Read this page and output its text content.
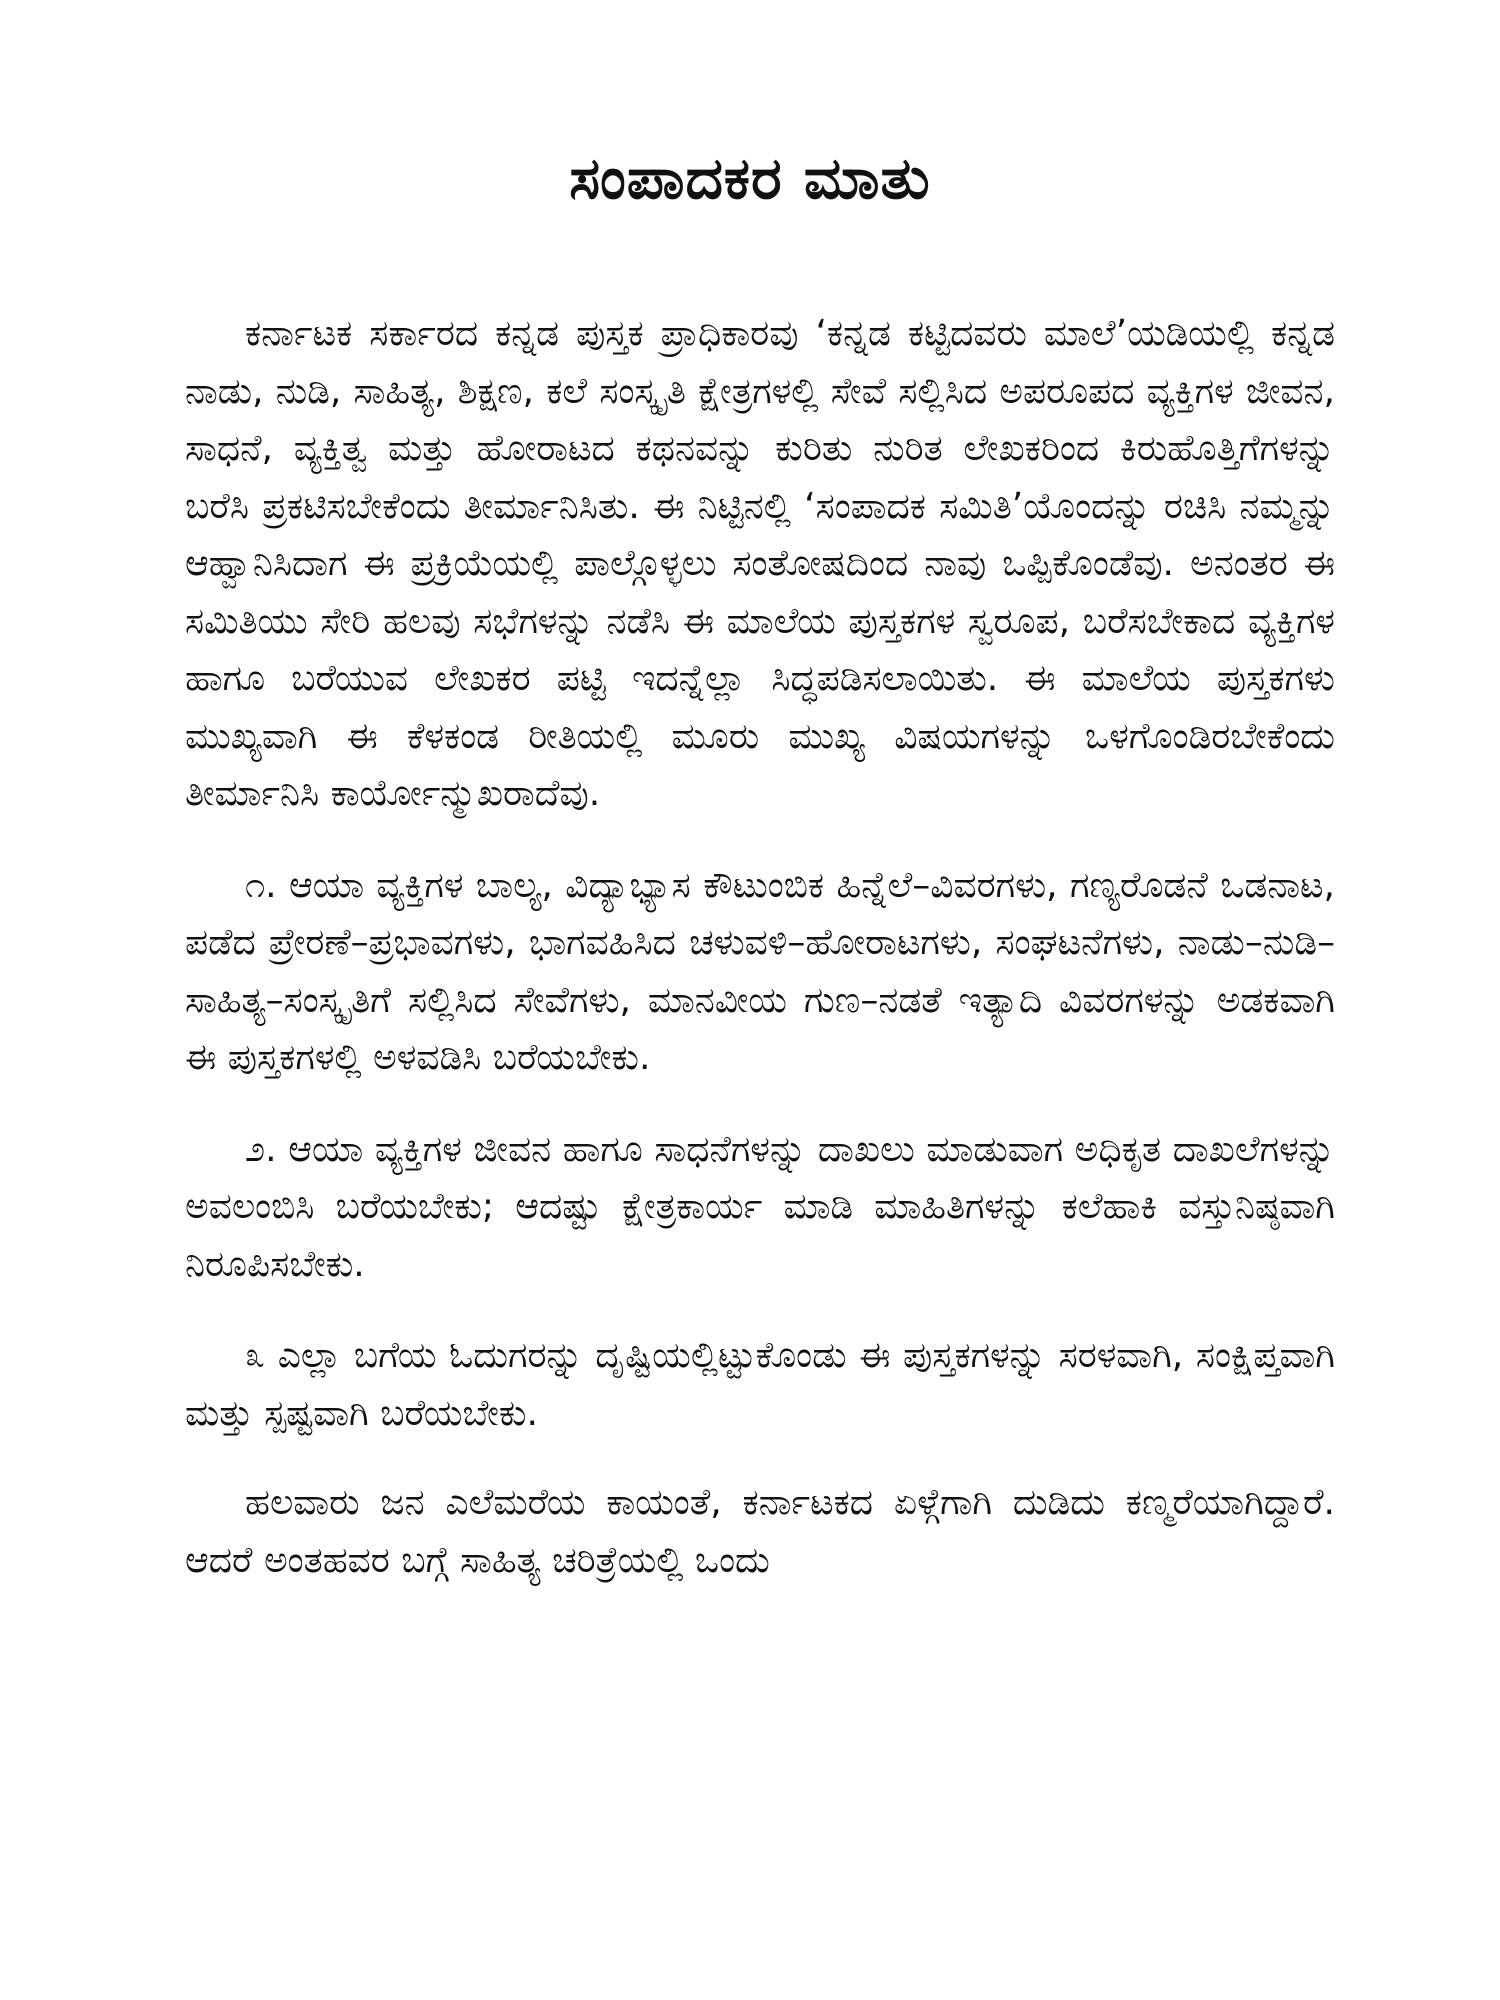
ಸಂಪಾದಕರ ಮಾತು

ಕರ್ನಾಟಕ ಸರ್ಕಾರದ ಕನ್ನಡ ಪುಸ್ತಕ ಪ್ರಾಧಿಕಾರವು ‘ಕನ್ನಡ ಕಟ್ಟಿದವರು ಮಾಲೆ’ಯಡಿಯಲ್ಲಿ ಕನ್ನಡ ನಾಡು, ನುಡಿ, ಸಾಹಿತ್ಯ, ಶಿಕ್ಷಣ, ಕಲೆ ಸಂಸ್ಕೃತಿ ಕ್ಷೇತ್ರಗಳಲ್ಲಿ ಸೇವೆ ಸಲ್ಲಿಸಿದ ಅಪರೂಪದ ವ್ಯಕ್ತಿಗಳ ಜೀವನ, ಸಾಧನೆ, ವ್ಯಕ್ತಿತ್ವ ಮತ್ತು ಹೋರಾಟದ ಕಥನವನ್ನು ಕುರಿತು ನುರಿತ ಲೇಖಕರಿಂದ ಕಿರುಹೊತ್ತಿಗೆಗಳನ್ನು ಬರೆಸಿ ಪ್ರಕಟಿಸಬೇಕೆಂದು ತೀರ್ಮಾನಿಸಿತು. ಈ ನಿಟ್ಟಿನಲ್ಲಿ ‘ಸಂಪಾದಕ ಸಮಿತಿ’ಯೊಂದನ್ನು ರಚಿಸಿ ನಮ್ಮನ್ನು ಆಹ್ವಾನಿಸಿದಾಗ ಈ ಪ್ರಕ್ರಿಯೆಯಲ್ಲಿ ಪಾಲ್ಗೊಳ್ಳಲು ಸಂತೋಷದಿಂದ ನಾವು ಒಪ್ಪಿಕೊಂಡೆವು. ಅನಂತರ ಈ ಸಮಿತಿಯು ಸೇರಿ ಹಲವು ಸಭೆಗಳನ್ನು ನಡೆಸಿ ಈ ಮಾಲೆಯ ಪುಸ್ತಕಗಳ ಸ್ವರೂಪ, ಬರೆಸಬೇಕಾದ ವ್ಯಕ್ತಿಗಳ ಹಾಗೂ ಬರೆಯುವ ಲೇಖಕರ ಪಟ್ಟಿ ಇದನ್ನೆಲ್ಲಾ ಸಿದ್ಧಪಡಿಸಲಾಯಿತು. ಈ ಮಾಲೆಯ ಪುಸ್ತಕಗಳು ಮುಖ್ಯವಾಗಿ ಈ ಕೆಳಕಂಡ ರೀತಿಯಲ್ಲಿ ಮೂರು ಮುಖ್ಯ ವಿಷಯಗಳನ್ನು ಒಳಗೊಂಡಿರಬೇಕೆಂದು ತೀರ್ಮಾನಿಸಿ ಕಾರ್ಯೋನ್ಮುಖರಾದೆವು.

೧. ಆಯಾ ವ್ಯಕ್ತಿಗಳ ಬಾಲ್ಯ, ವಿದ್ಯಾಭ್ಯಾಸ ಕೌಟುಂಬಿಕ ಹಿನ್ನೆಲೆ–ವಿವರಗಳು, ಗಣ್ಯರೊಡನೆ ಒಡನಾಟ, ಪಡೆದ ಪ್ರೇರಣೆ–ಪ್ರಭಾವಗಳು, ಭಾಗವಹಿಸಿದ ಚಳುವಳಿ–ಹೋರಾಟಗಳು, ಸಂಘಟನೆಗಳು, ನಾಡು–ನುಡಿ–ಸಾಹಿತ್ಯ–ಸಂಸ್ಕೃತಿಗೆ ಸಲ್ಲಿಸಿದ ಸೇವೆಗಳು, ಮಾನವೀಯ ಗುಣ–ನಡತೆ ಇತ್ಯಾದಿ ವಿವರಗಳನ್ನು ಅಡಕವಾಗಿ ಈ ಪುಸ್ತಕಗಳಲ್ಲಿ ಅಳವಡಿಸಿ ಬರೆಯಬೇಕು.

೨. ಆಯಾ ವ್ಯಕ್ತಿಗಳ ಜೀವನ ಹಾಗೂ ಸಾಧನೆಗಳನ್ನು ದಾಖಲು ಮಾಡುವಾಗ ಅಧಿಕೃತ ದಾಖಲೆಗಳನ್ನು ಅವಲಂಬಿಸಿ ಬರೆಯಬೇಕು; ಆದಷ್ಟು ಕ್ಷೇತ್ರಕಾರ್ಯ ಮಾಡಿ ಮಾಹಿತಿಗಳನ್ನು ಕಲೆಹಾಕಿ ವಸ್ತುನಿಷ್ಠವಾಗಿ ನಿರೂಪಿಸಬೇಕು.

೩ ಎಲ್ಲಾ ಬಗೆಯ ಓದುಗರನ್ನು ದೃಷ್ಟಿಯಲ್ಲಿಟ್ಟುಕೊಂಡು ಈ ಪುಸ್ತಕಗಳನ್ನು ಸರಳವಾಗಿ, ಸಂಕ್ಷಿಪ್ತವಾಗಿ ಮತ್ತು ಸ್ಪಷ್ಟವಾಗಿ ಬರೆಯಬೇಕು.

ಹಲವಾರು ಜನ ಎಲೆಮರೆಯ ಕಾಯಂತೆ, ಕರ್ನಾಟಕದ ಏಳ್ಗೆಗಾಗಿ ದುಡಿದು ಕಣ್ಮರೆಯಾಗಿದ್ದಾರೆ. ಆದರೆ ಅಂತಹವರ ಬಗ್ಗೆ ಸಾಹಿತ್ಯ ಚರಿತ್ರೆಯಲ್ಲಿ ಒಂದು
